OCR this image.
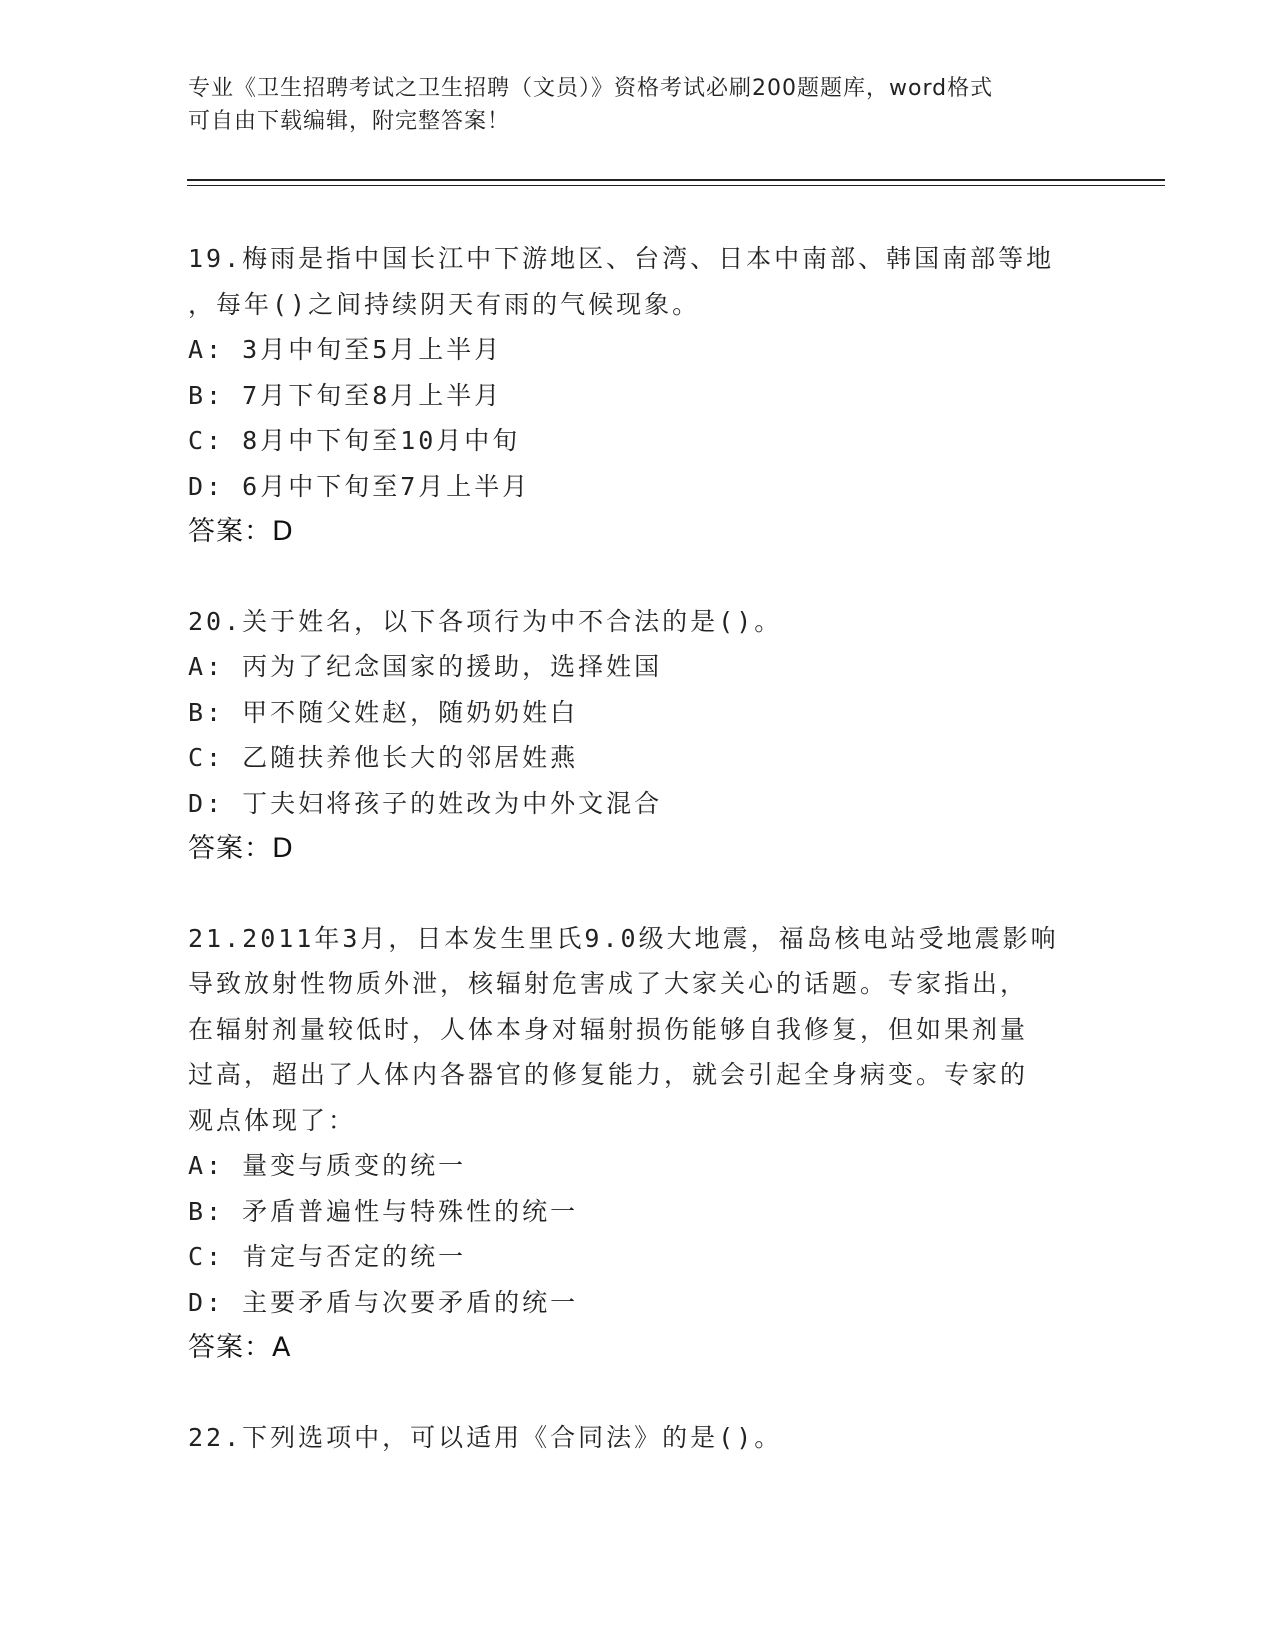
专业《卫生招聘考试之卫生招聘（文员）》资格考试必刷200题题库，word格式
可自由下载编辑，附完整答案！
19.梅雨是指中国长江中下游地区、台湾、日本中南部、韩国南部等地
，每年()之间持续阴天有雨的气候现象。
A: 3月中旬至5月上半月
B: 7月下旬至8月上半月
C: 8月中下旬至10月中旬
D: 6月中下旬至7月上半月
答案：D
20.关于姓名，以下各项行为中不合法的是()。
A: 丙为了纪念国家的援助，选择姓国
B: 甲不随父姓赵，随奶奶姓白
C: 乙随扶养他长大的邻居姓燕
D: 丁夫妇将孩子的姓改为中外文混合
答案：D
21.2011年3月，日本发生里氏9.0级大地震，福岛核电站受地震影响
导致放射性物质外泄，核辐射危害成了大家关心的话题。专家指出，
在辐射剂量较低时，人体本身对辐射损伤能够自我修复，但如果剂量
过高，超出了人体内各器官的修复能力，就会引起全身病变。专家的
观点体现了：
A: 量变与质变的统一
B: 矛盾普遍性与特殊性的统一
C: 肯定与否定的统一
D: 主要矛盾与次要矛盾的统一
答案：A
22.下列选项中，可以适用《合同法》的是()。
